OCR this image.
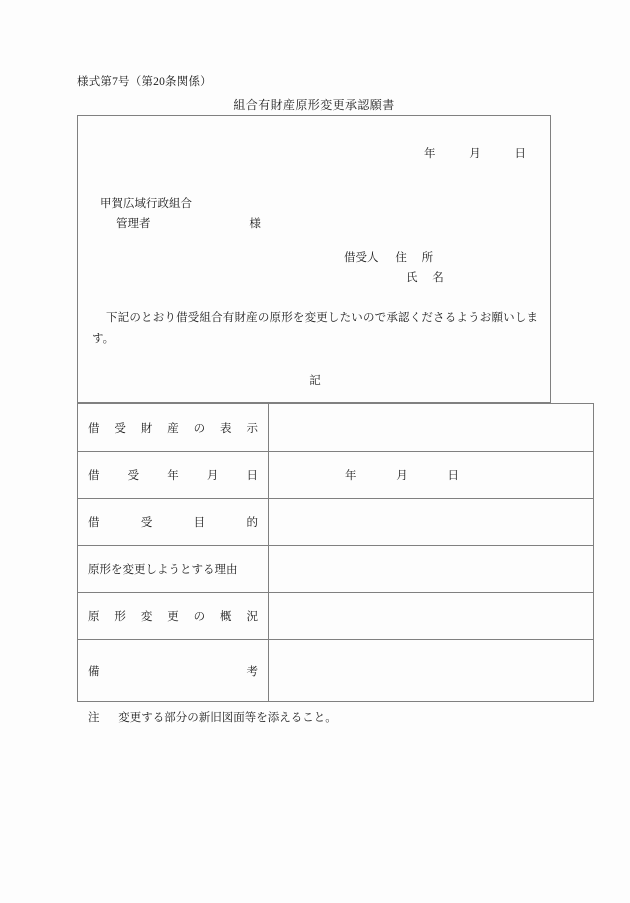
様式第7号（第20条関係）
組合有財産原形変更承認願書
年	月	日
甲賀広域行政組合
管理者	様
借受人 住 所
氏 名
下記のとおり借受組合有財産の原形を変更したいので承認くださるようお願いします。
記
借 受 財 産 の 表 示

借 受 年 月 日	年 月 日

借 受 目 的	

原形を変更しようとする理由	

原 形 変 更 の 概 況

備 考	

注 変更する部分の新旧図面等を添えること。
